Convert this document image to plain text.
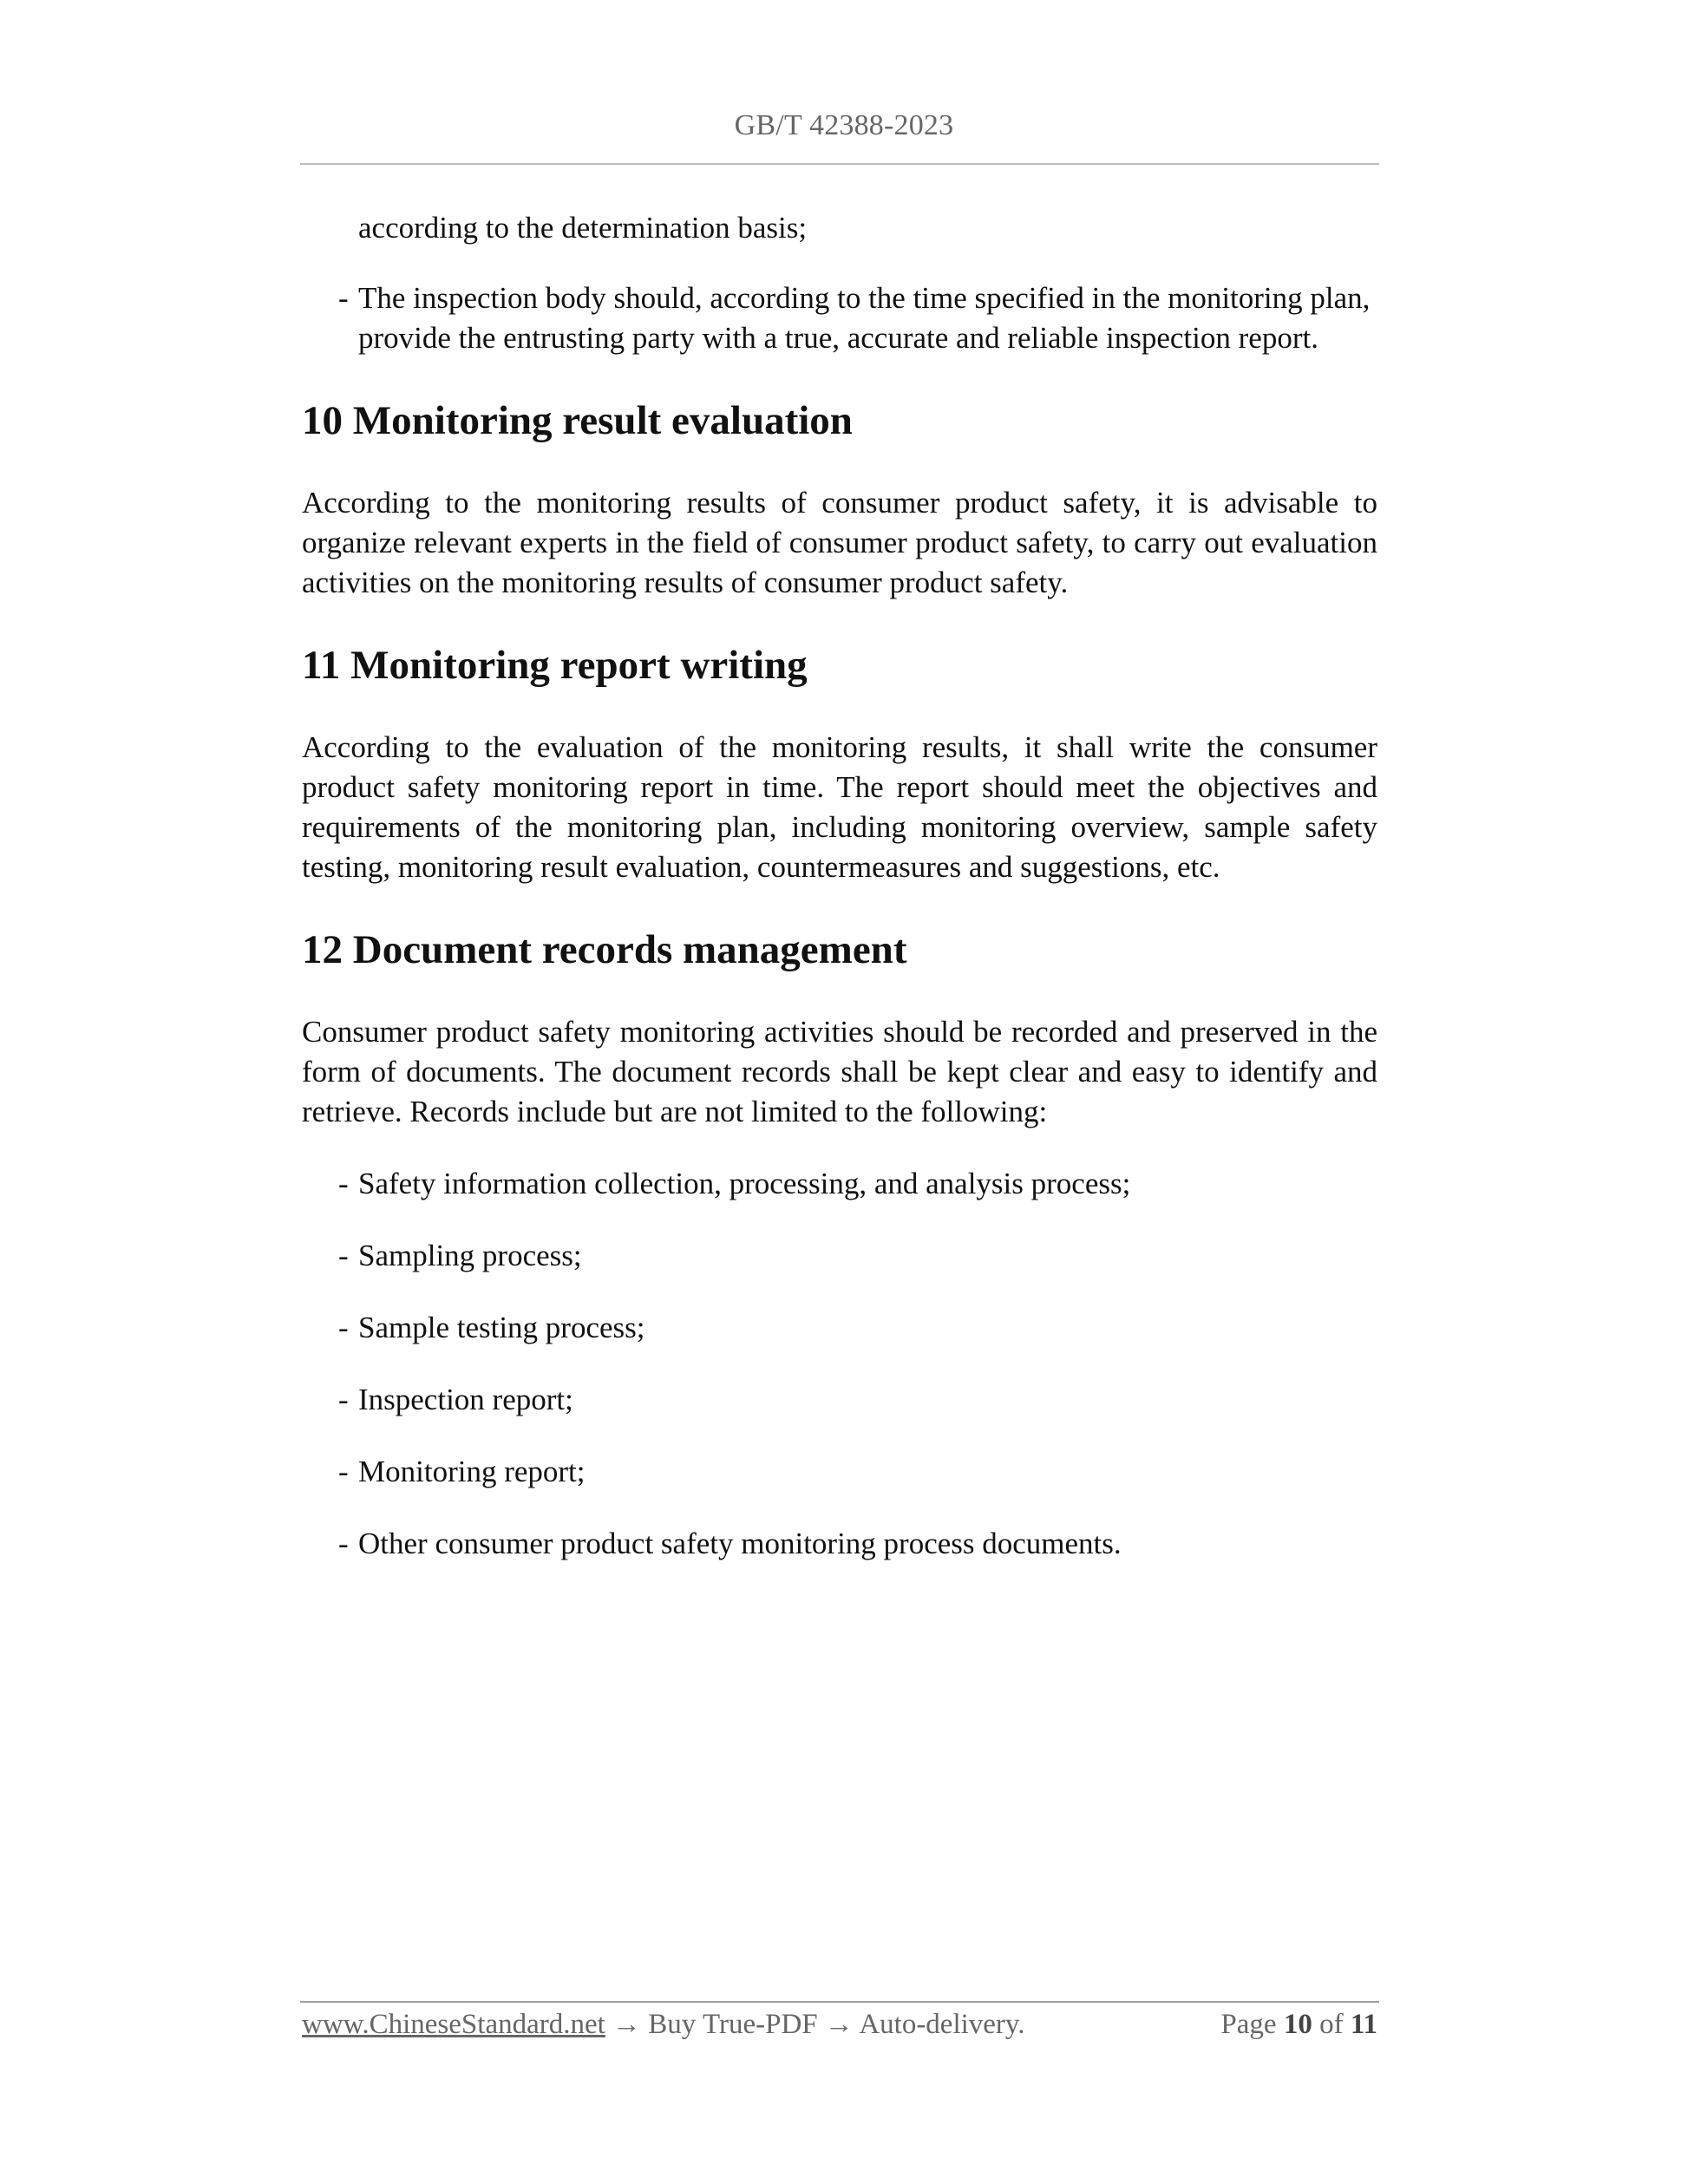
GB/T 42388-2023

according to the determination basis;

- The inspection body should, according to the time specified in the monitoring plan, provide the entrusting party with a true, accurate and reliable inspection report.

10 Monitoring result evaluation

According to the monitoring results of consumer product safety, it is advisable to organize relevant experts in the field of consumer product safety, to carry out evaluation activities on the monitoring results of consumer product safety.

11 Monitoring report writing

According to the evaluation of the monitoring results, it shall write the consumer product safety monitoring report in time. The report should meet the objectives and requirements of the monitoring plan, including monitoring overview, sample safety testing, monitoring result evaluation, countermeasures and suggestions, etc.

12 Document records management

Consumer product safety monitoring activities should be recorded and preserved in the form of documents. The document records shall be kept clear and easy to identify and retrieve. Records include but are not limited to the following:

- Safety information collection, processing, and analysis process;

- Sampling process;

- Sample testing process;

- Inspection report;

- Monitoring report;

- Other consumer product safety monitoring process documents.

www.ChineseStandard.net → Buy True-PDF → Auto-delivery.	Page 10 of 11
